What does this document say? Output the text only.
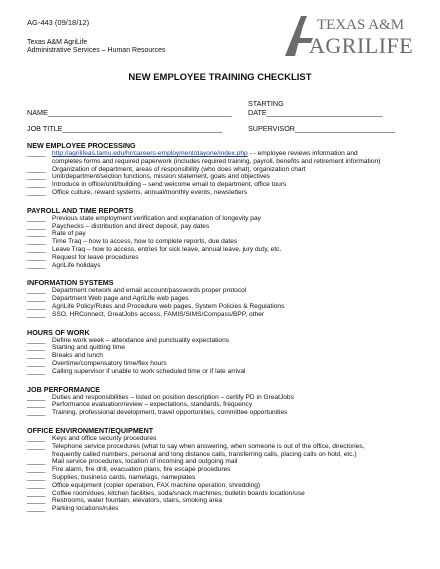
AG-443 (09/18/12)
Texas A&M AgriLife
Administrative Services – Human Resources
TEXAS A&M
AGRILIFE
NEW EMPLOYEE TRAINING CHECKLIST
STARTING
NAME______________________________________________ DATE_____________________________
JOB TITLE________________________________________	SUPERVISOR_________________________
NEW EMPLOYEE PROCESSING
_____	http://agrilifeas.tamu.edu/hr/careers-employment/dayone/index.php - - employee reviews information and
completes forms and required paperwork (includes required training, payroll, benefits and retirement information)
_____	Organization of department, areas of responsibility (who does what), organization chart
_____	Unit/department/section functions, mission statement, goals and objectives
_____	Introduce in office/unit/building – send welcome email to department, office tours
_____	Office culture, reward systems, annual/monthly events, newsletters
PAYROLL AND TIME REPORTS
_____	Previous state employment verification and explanation of longevity pay
_____	Paychecks – distribution and direct deposit, pay dates
_____	Rate of pay
_____	Time Traq – how to access, how to complete reports, due dates
_____	Leave Traq – how to access, entries for sick leave, annual leave, jury duty, etc.
_____	Request for leave procedures
_____	AgriLife holidays
INFORMATION SYSTEMS
_____	Department network and email account/passwords proper protocol
_____	Department Web page and AgriLife web pages
_____	AgriLife Policy/Rules and Procedure web pages, System Policies & Regulations
_____	SSO, HRConnect, GreatJobs access, FAMIS/SIMS/Compass/BPP, other
HOURS OF WORK
_____	Define work week – attendance and punctuality expectations
_____	Starting and quitting time
_____	Breaks and lunch
_____	Overtime/compensatory time/flex hours
_____	Calling supervisor if unable to work scheduled time or if late arrival
JOB PERFORMANCE
_____	Duties and responsibilities – listed on position description – certify PD in GreatJobs
_____	Performance evaluation/review – expectations, standards, frequency
_____	Training, professional development, travel opportunities, committee opportunities
OFFICE ENVIRONMENT/EQUIPMENT
_____	Keys and office security procedures
_____	Telephone service procedures (what to say when answering, when someone is out of the office, directories,
frequently called numbers, personal and long distance calls, transferring calls, placing calls on hold, etc.)
_____	Mail service procedures, location of incoming and outgoing mail
_____	Fire alarm, fire drill, evacuation plans, fire escape procedures
_____	Supplies, business cards, nametags, nameplates
_____	Office equipment (copier operation, FAX machine operation, shredding)
_____	Coffee room/dues, kitchen facilities, soda/snack machines, bulletin boards location/use
_____	Restrooms, water fountain, elevators, stairs, smoking area
_____	Parking locations/rules
